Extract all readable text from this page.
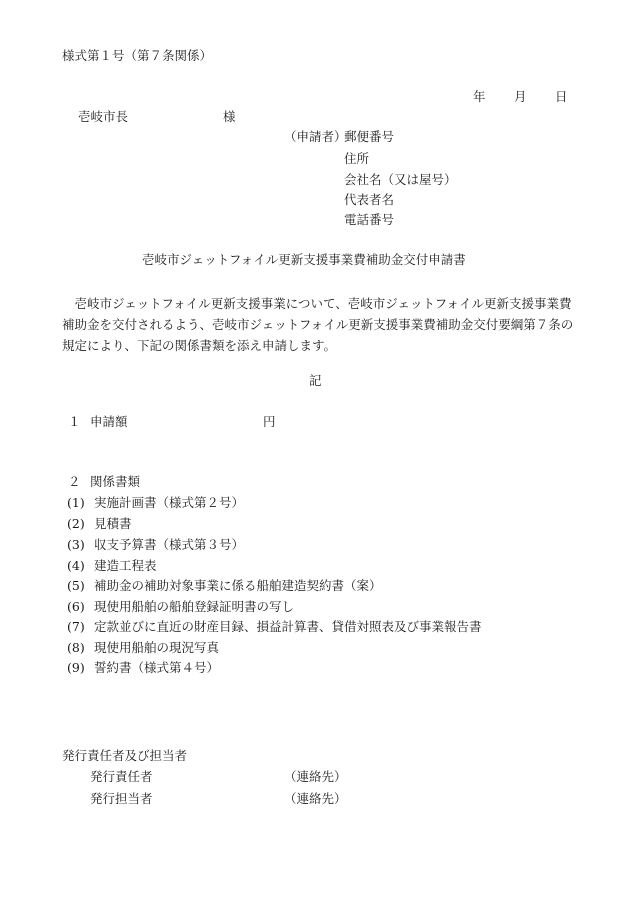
様式第１号（第７条関係）
年 月 日
壱岐市長	様
（申請者）
郵便番号
住所
会社名（又は屋号）
代表者名
電話番号
壱岐市ジェットフォイル更新支援事業費補助金交付申請書
　壱岐市ジェットフォイル更新支援事業について、壱岐市ジェットフォイル更新支援事業費補助金を交付されるよう、壱岐市ジェットフォイル更新支援事業費補助金交付要綱第７条の規定により、下記の関係書類を添え申請します。
記
１ 申請額	円
２ 関係書類
(1) 実施計画書（様式第２号）
(2) 見積書
(3) 収支予算書（様式第３号）
(4) 建造工程表
(5) 補助金の補助対象事業に係る船舶建造契約書（案）
(6) 現使用船舶の船舶登録証明書の写し
(7) 定款並びに直近の財産目録、損益計算書、貸借対照表及び事業報告書
(8) 現使用船舶の現況写真
(9) 誓約書（様式第４号）
発行責任者及び担当者
発行責任者	（連絡先）
発行担当者	（連絡先）
